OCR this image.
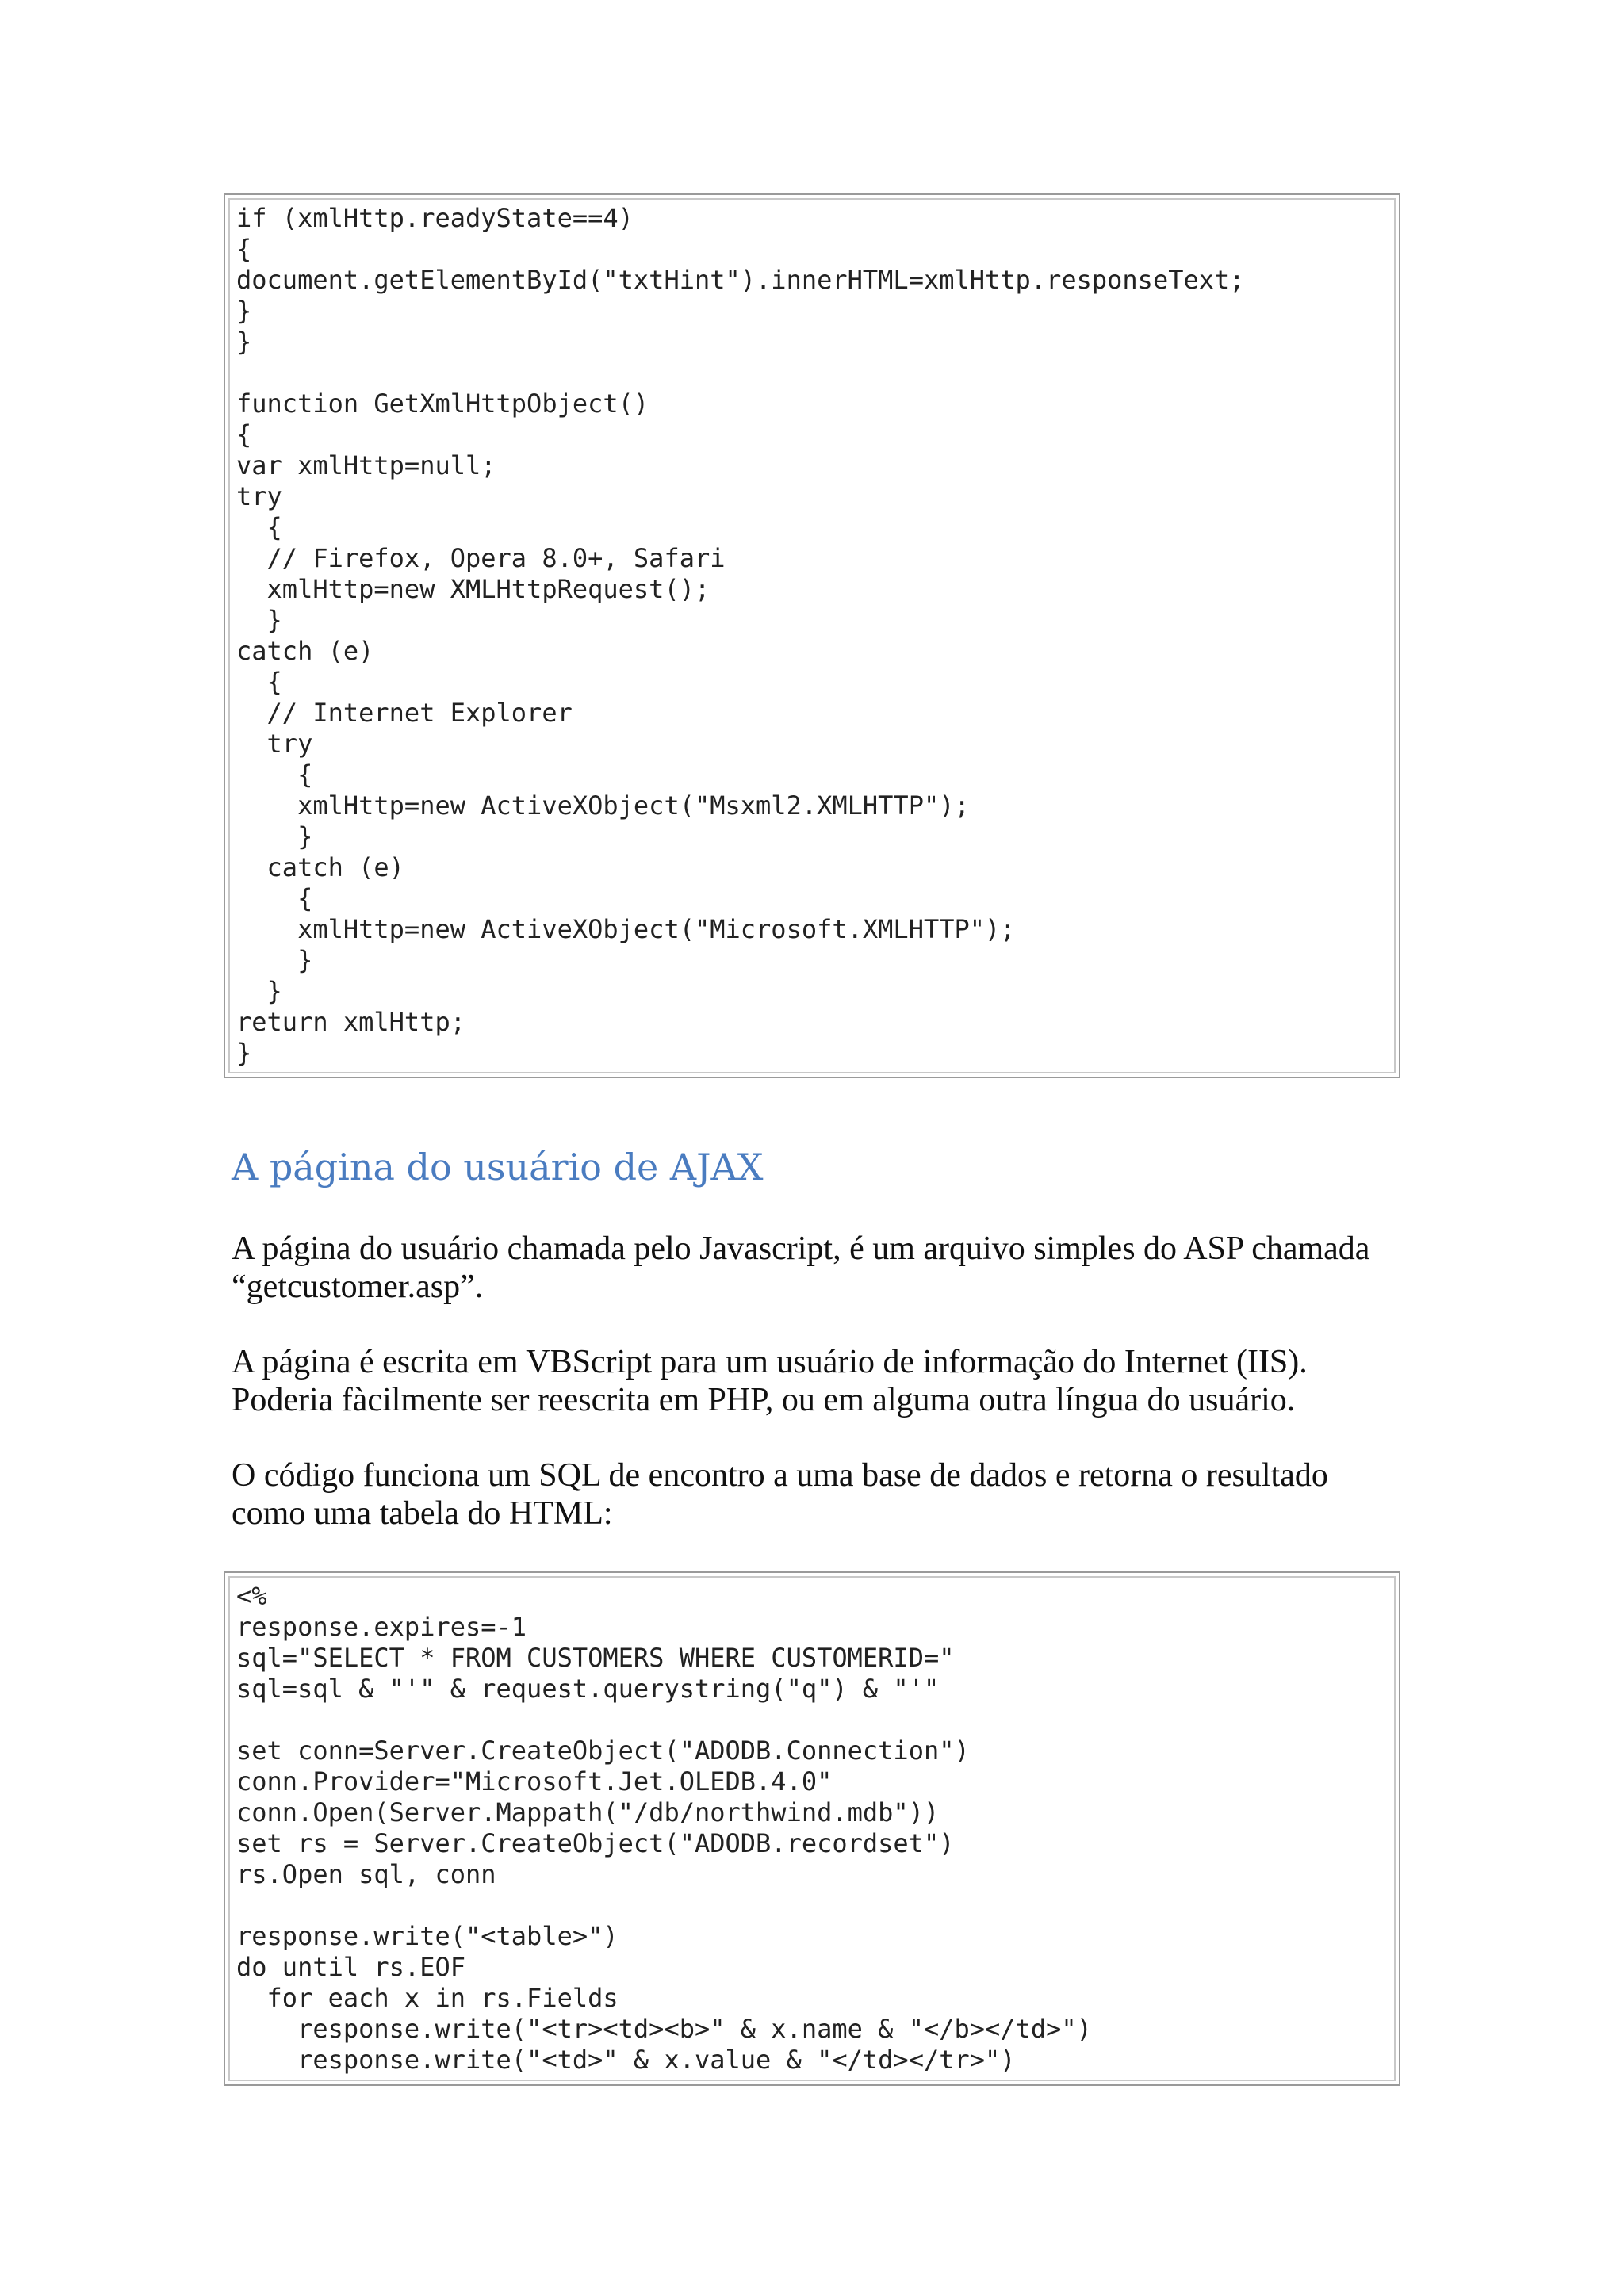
if (xmlHttp.readyState==4)
{
document.getElementById("txtHint").innerHTML=xmlHttp.responseText;
}
}

function GetXmlHttpObject()
{
var xmlHttp=null;
try
{
// Firefox, Opera 8.0+, Safari
xmlHttp=new XMLHttpRequest();
}
catch (e)
{
// Internet Explorer
try
{
xmlHttp=new ActiveXObject("Msxml2.XMLHTTP");
}
catch (e)
{
xmlHttp=new ActiveXObject("Microsoft.XMLHTTP");
}
}
return xmlHttp;
}
A página do usuário de AJAX

A página do usuário chamada pelo Javascript, é um arquivo simples do ASP chamada “getcustomer.asp”.

A página é escrita em VBScript para um usuário de informação do Internet (IIS). Poderia fàcilmente ser reescrita em PHP, ou em alguma outra língua do usuário.

O código funciona um SQL de encontro a uma base de dados e retorna o resultado como uma tabela do HTML:

<%
response.expires=-1
sql="SELECT * FROM CUSTOMERS WHERE CUSTOMERID="
sql=sql & "'" & request.querystring("q") & "'"

set conn=Server.CreateObject("ADODB.Connection")
conn.Provider="Microsoft.Jet.OLEDB.4.0"
conn.Open(Server.Mappath("/db/northwind.mdb"))
set rs = Server.CreateObject("ADODB.recordset")
rs.Open sql, conn

response.write("<table>")
do until rs.EOF
for each x in rs.Fields
response.write("<tr><td><b>" & x.name & "</b></td>")
response.write("<td>" & x.value & "</td></tr>")
